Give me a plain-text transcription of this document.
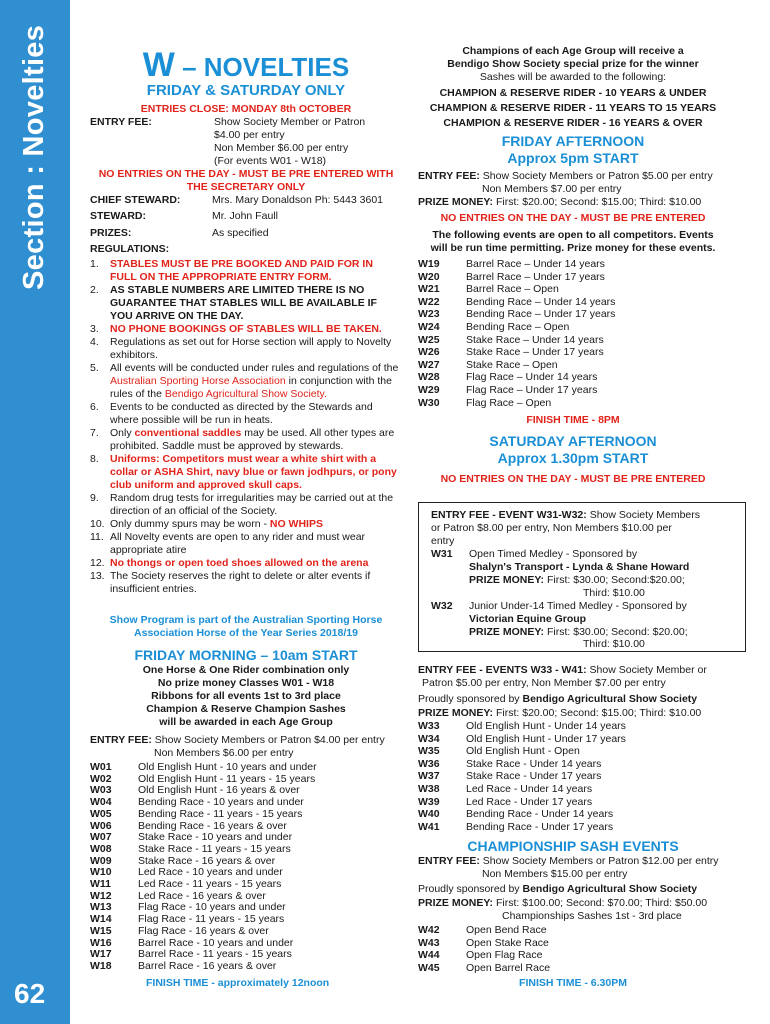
Section : Novelties
62
W – NOVELTIES
FRIDAY & SATURDAY ONLY
ENTRIES CLOSE: MONDAY 8th OCTOBER
ENTRY FEE:	Show Society Member or Patron
$4.00 per entry
Non Member $6.00 per entry
(For events W01 - W18)
NO ENTRIES ON THE DAY - MUST BE PRE ENTERED WITH
THE SECRETARY ONLY
CHIEF STEWARD:	Mrs. Mary Donaldson Ph: 5443 3601
STEWARD:	Mr. John Faull
PRIZES:	As specified
REGULATIONS:
1. STABLES MUST BE PRE BOOKED AND PAID FOR IN FULL ON THE APPROPRIATE ENTRY FORM.
2. AS STABLE NUMBERS ARE LIMITED THERE IS NO GUARANTEE THAT STABLES WILL BE AVAILABLE IF YOU ARRIVE ON THE DAY.
3. NO PHONE BOOKINGS OF STABLES WILL BE TAKEN.
4. Regulations as set out for Horse section will apply to Novelty exhibitors.
5. All events will be conducted under rules and regulations of the Australian Sporting Horse Association in conjunction with the rules of the Bendigo Agricultural Show Society.
6. Events to be conducted as directed by the Stewards and where possible will be run in heats.
7. Only conventional saddles may be used. All other types are prohibited. Saddle must be approved by stewards.
8. Uniforms: Competitors must wear a white shirt with a collar or ASHA Shirt, navy blue or fawn jodhpurs, or pony club uniform and approved skull caps.
9. Random drug tests for irregularities may be carried out at the direction of an official of the Society.
10. Only dummy spurs may be worn - NO WHIPS
11. All Novelty events are open to any rider and must wear appropriate atire
12. No thongs or open toed shoes allowed on the arena
13. The Society reserves the right to delete or alter events if insufficient entries.
Show Program is part of the Australian Sporting Horse
Association Horse of the Year Series 2018/19
FRIDAY MORNING – 10am START
One Horse & One Rider combination only
No prize money Classes W01 - W18
Ribbons for all events 1st to 3rd place
Champion & Reserve Champion Sashes
will be awarded in each Age Group
ENTRY FEE: Show Society Members or Patron $4.00 per entry
Non Members $6.00 per entry
W01	Old English Hunt - 10 years and under
W02	Old English Hunt - 11 years - 15 years
W03	Old English Hunt - 16 years & over
W04	Bending Race - 10 years and under
W05	Bending Race - 11 years - 15 years
W06	Bending Race - 16 years & over
W07	Stake Race - 10 years and under
W08	Stake Race - 11 years - 15 years
W09	Stake Race - 16 years & over
W10	Led Race - 10 years and under
W11	Led Race - 11 years - 15 years
W12	Led Race - 16 years & over
W13	Flag Race - 10 years and under
W14	Flag Race - 11 years - 15 years
W15	Flag Race - 16 years & over
W16	Barrel Race - 10 years and under
W17	Barrel Race - 11 years - 15 years
W18	Barrel Race - 16 years & over
FINISH TIME - approximately 12noon
Champions of each Age Group will receive a
Bendigo Show Society special prize for the winner
Sashes will be awarded to the following:
CHAMPION & RESERVE RIDER - 10 YEARS & UNDER
CHAMPION & RESERVE RIDER - 11 YEARS TO 15 YEARS
CHAMPION & RESERVE RIDER - 16 YEARS & OVER
FRIDAY AFTERNOON
Approx 5pm START
ENTRY FEE: Show Society Members or Patron $5.00 per entry
Non Members $7.00 per entry
PRIZE MONEY: First: $20.00; Second: $15.00; Third: $10.00
NO ENTRIES ON THE DAY - MUST BE PRE ENTERED
The following events are open to all competitors. Events
will be run time permitting. Prize money for these events.
W19	Barrel Race – Under 14 years
W20	Barrel Race – Under 17 years
W21	Barrel Race – Open
W22	Bending Race – Under 14 years
W23	Bending Race – Under 17 years
W24	Bending Race – Open
W25	Stake Race – Under 14 years
W26	Stake Race – Under 17 years
W27	Stake Race – Open
W28	Flag Race – Under 14 years
W29	Flag Race – Under 17 years
W30	Flag Race – Open
FINISH TIME - 8PM
SATURDAY AFTERNOON
Approx 1.30pm START
NO ENTRIES ON THE DAY - MUST BE PRE ENTERED
ENTRY FEE - EVENT W31-W32: Show Society Members
or Patron $8.00 per entry, Non Members $10.00 per
entry
W31 Open Timed Medley - Sponsored by
Shalyn's Transport - Lynda & Shane Howard
PRIZE MONEY: First: $30.00; Second:$20.00;
Third: $10.00
W32 Junior Under-14 Timed Medley - Sponsored by
Victorian Equine Group
PRIZE MONEY: First: $30.00; Second: $20.00;
Third: $10.00
ENTRY FEE - EVENTS W33 - W41: Show Society Member or
Patron $5.00 per entry, Non Member $7.00 per entry
Proudly sponsored by Bendigo Agricultural Show Society
PRIZE MONEY: First: $20.00; Second: $15.00; Third: $10.00
W33	Old English Hunt - Under 14 years
W34	Old English Hunt - Under 17 years
W35	Old English Hunt - Open
W36	Stake Race - Under 14 years
W37	Stake Race - Under 17 years
W38	Led Race - Under 14 years
W39	Led Race - Under 17 years
W40	Bending Race - Under 14 years
W41	Bending Race - Under 17 years
CHAMPIONSHIP SASH EVENTS
ENTRY FEE: Show Society Members or Patron $12.00 per entry
Non Members $15.00 per entry
Proudly sponsored by Bendigo Agricultural Show Society
PRIZE MONEY: First: $100.00; Second: $70.00; Third: $50.00
Championships Sashes 1st - 3rd place
W42	Open Bend Race
W43	Open Stake Race
W44	Open Flag Race
W45	Open Barrel Race
FINISH TIME - 6.30PM
